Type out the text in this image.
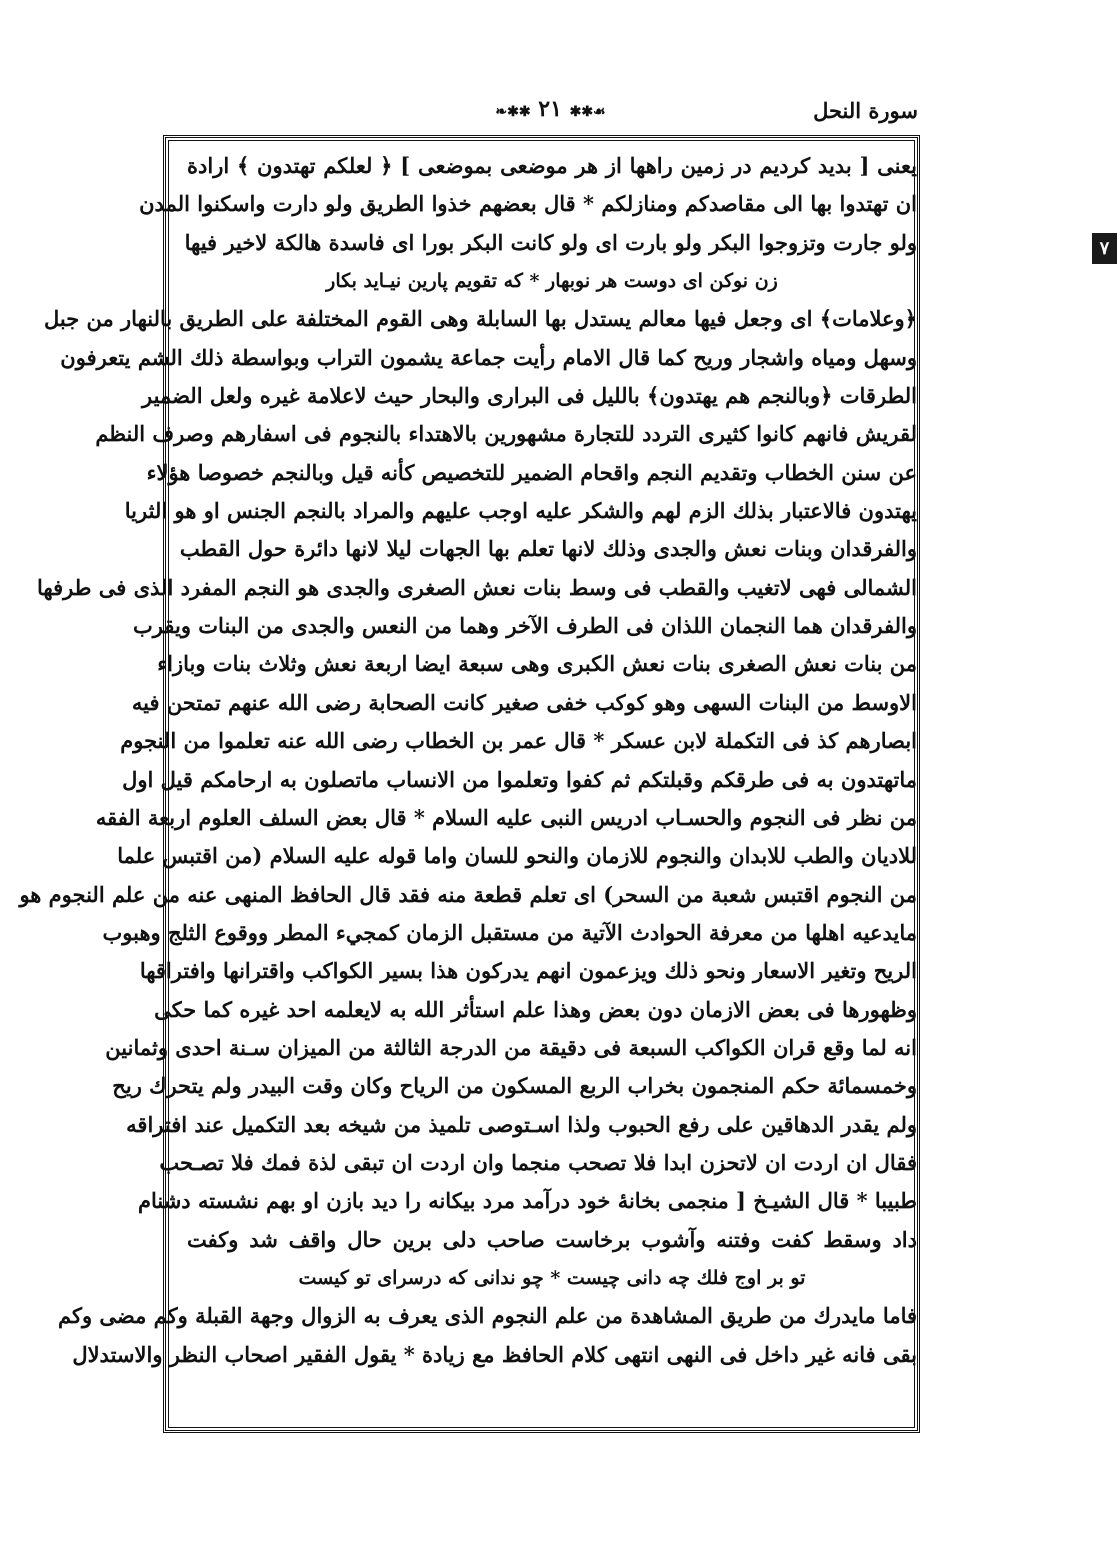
سورة النحل
❧✱✱ ٢١ ✱✱☙
٧
يعنى [ بديد كرديم در زمين راهها از هر موضعى بموضعى ] ﴿ لعلكم تهتدون ﴾ ارادة
ان تهتدوا بها الى مقاصدكم ومنازلكم * قال بعضهم خذوا الطريق ولو دارت واسكنوا المدن
ولو جارت وتزوجوا البكر ولو بارت اى ولو كانت البكر بورا اى فاسدة هالكة لاخير فيها
زن نوكن اى دوست هر نوبهار * كه تقويم پارين نيـايد بكار
﴿وعلامات﴾ اى وجعل فيها معالم يستدل بها السابلة وهى القوم المختلفة على الطريق بالنهار من جبل
وسهل ومياه واشجار وريح كما قال الامام رأيت جماعة يشمون التراب وبواسطة ذلك الشم يتعرفون
الطرقات ﴿وبالنجم هم يهتدون﴾ بالليل فى البرارى والبحار حيث لاعلامة غيره ولعل الضمير
لقريش فانهم كانوا كثيرى التردد للتجارة مشهورين بالاهتداء بالنجوم فى اسفارهم وصرف النظم
عن سنن الخطاب وتقديم النجم واقحام الضمير للتخصيص كأنه قيل وبالنجم خصوصا هؤلاء
يهتدون فالاعتبار بذلك الزم لهم والشكر عليه اوجب عليهم والمراد بالنجم الجنس او هو الثريا
والفرقدان وبنات نعش والجدى وذلك لانها تعلم بها الجهات ليلا لانها دائرة حول القطب
الشمالى فهى لاتغيب والقطب فى وسط بنات نعش الصغرى والجدى هو النجم المفرد الذى فى طرفها
والفرقدان هما النجمان اللذان فى الطرف الآخر وهما من النعس والجدى من البنات ويقرب
من بنات نعش الصغرى بنات نعش الكبرى وهى سبعة ايضا اربعة نعش وثلاث بنات وبازاء
الاوسط من البنات السهى وهو كوكب خفى صغير كانت الصحابة رضى الله عنهم تمتحن فيه
ابصارهم كذ فى التكملة لابن عسكر * قال عمر بن الخطاب رضى الله عنه تعلموا من النجوم
ماتهتدون به فى طرقكم وقبلتكم ثم كفوا وتعلموا من الانساب ماتصلون به ارحامكم قيل اول
من نظر فى النجوم والحسـاب ادريس النبى عليه السلام * قال بعض السلف العلوم اربعة الفقه
للاديان والطب للابدان والنجوم للازمان والنحو للسان واما قوله عليه السلام (من اقتبس علما
من النجوم اقتبس شعبة من السحر) اى تعلم قطعة منه فقد قال الحافظ المنهى عنه من علم النجوم هو
مايدعيه اهلها من معرفة الحوادث الآتية من مستقبل الزمان كمجيء المطر ووقوع الثلج وهبوب
الريح وتغير الاسعار ونحو ذلك ويزعمون انهم يدركون هذا بسير الكواكب واقترانها وافتراقها
وظهورها فى بعض الازمان دون بعض وهذا علم استأثر الله به لايعلمه احد غيره كما حكى
انه لما وقع قران الكواكب السبعة فى دقيقة من الدرجة الثالثة من الميزان سـنة احدى وثمانين
وخمسمائة حكم المنجمون بخراب الربع المسكون من الرياح وكان وقت البيدر ولم يتحرك ريح
ولم يقدر الدهاقين على رفع الحبوب ولذا اسـتوصى تلميذ من شيخه بعد التكميل عند افتراقه
فقال ان اردت ان لاتحزن ابدا فلا تصحب منجما وان اردت ان تبقى لذة فمك فلا تصـحب
طبيبا * قال الشيـخ [ منجمى بخانهٔ خود درآمد مرد بيكانه را ديد بازن او بهم نشسته دشنام
داد وسقط كفت وفتنه وآشوب برخاست صاحب دلى برين حال واقف شد وكفت
تو بر اوج فلك چه دانى چيست * چو ندانى كه درسراى تو كيست
فاما مايدرك من طريق المشاهدة من علم النجوم الذى يعرف به الزوال وجهة القبلة وكم مضى وكم
بقى فانه غير داخل فى النهى انتهى كلام الحافظ مع زيادة * يقول الفقير اصحاب النظر والاستدلال
